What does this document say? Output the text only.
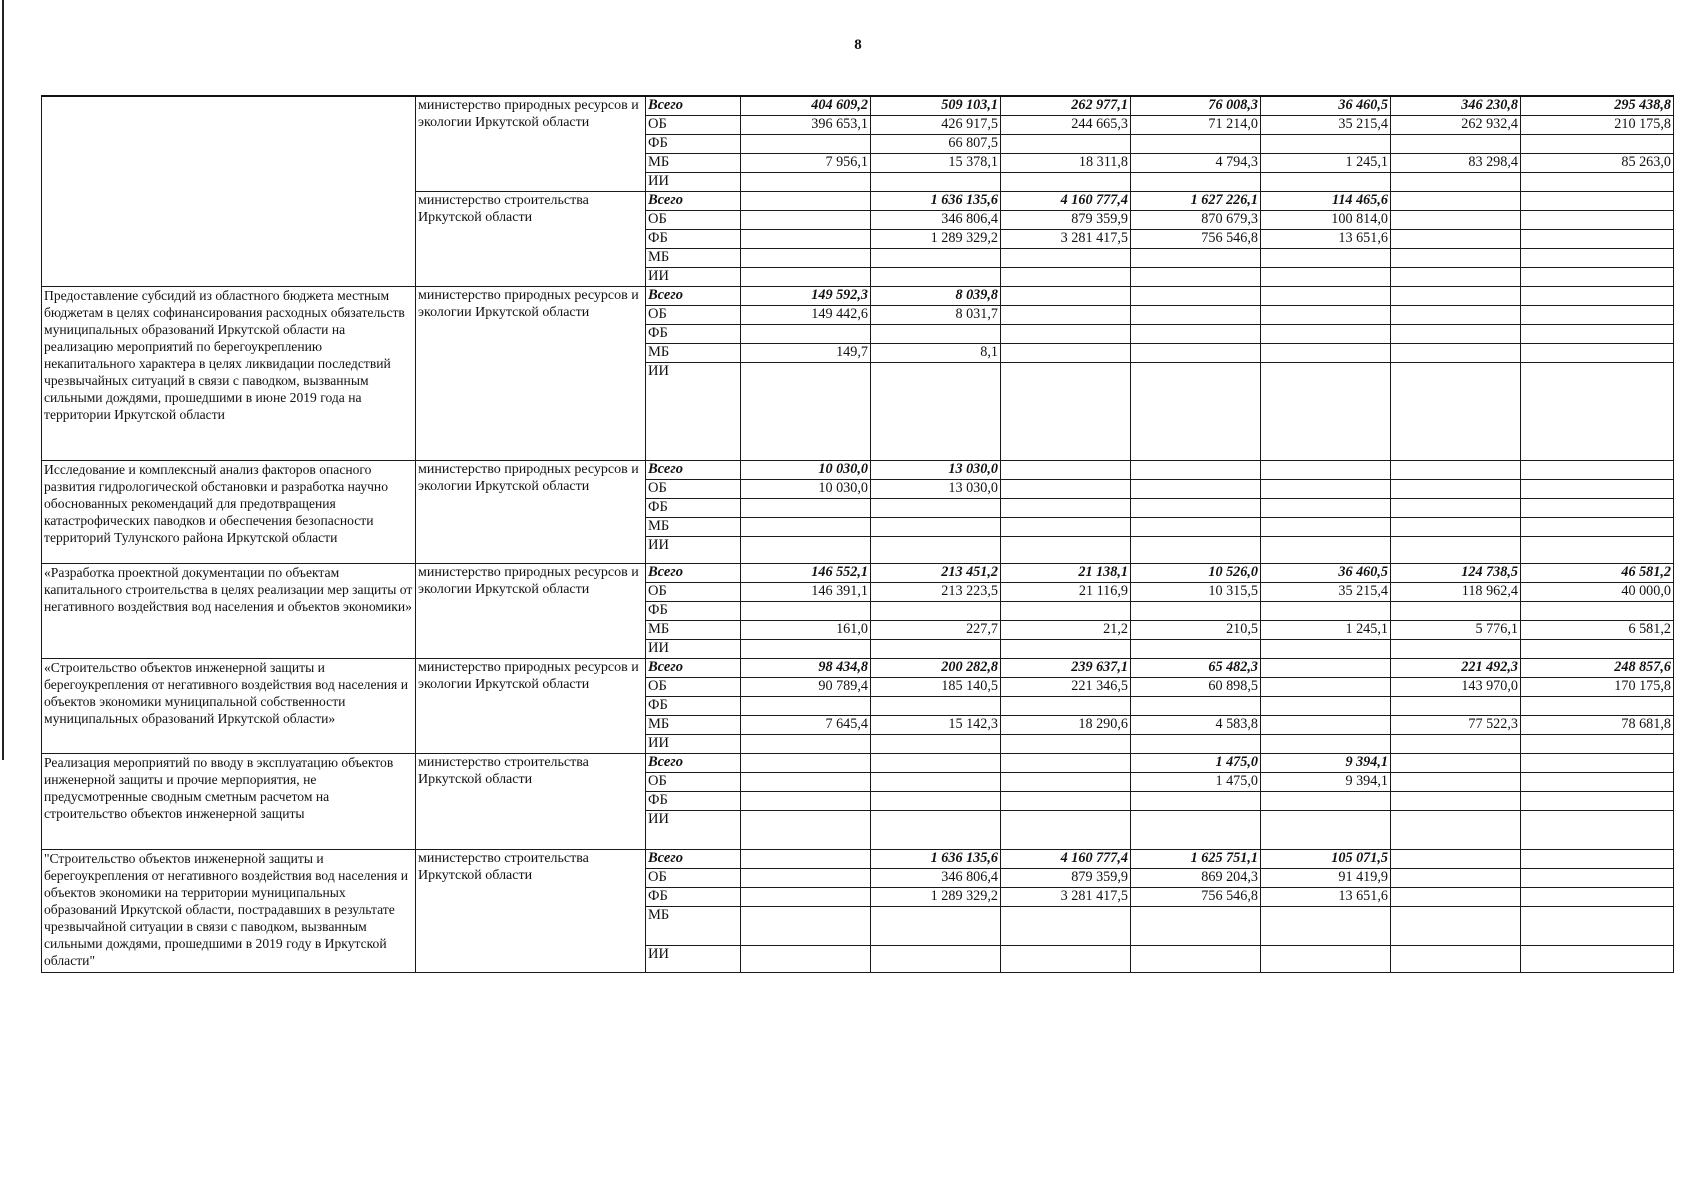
8
	министерство природных ресурсов и экологии Иркутской области	Всего	404 609,2	509 103,1	262 977,1	76 008,3	36 460,5	346 230,8	295 438,8
		ОБ	396 653,1	426 917,5	244 665,3	71 214,0	35 215,4	262 932,4	210 175,8
		ФБ		66 807,5					
		МБ	7 956,1	15 378,1	18 311,8	4 794,3	1 245,1	83 298,4	85 263,0
		ИИ							
	министерство строительства Иркутской области	Всего		1 636 135,6	4 160 777,4	1 627 226,1	114 465,6		
		ОБ		346 806,4	879 359,9	870 679,3	100 814,0		
		ФБ		1 289 329,2	3 281 417,5	756 546,8	13 651,6		
		МБ							
		ИИ							
Предоставление субсидий из областного бюджета местным бюджетам в целях софинансирования расходных обязательств муниципальных образований Иркутской области на реализацию мероприятий по берегоукреплению некапитального характера в целях ликвидации последствий чрезвычайных ситуаций в связи с паводком, вызванным сильными дождями, прошедшими в июне 2019 года на территории Иркутской области	министерство природных ресурсов и экологии Иркутской области	Всего	149 592,3	8 039,8					
		ОБ	149 442,6	8 031,7					
		ФБ							
		МБ	149,7	8,1					
		ИИ							
Исследование и комплексный анализ факторов опасного развития гидрологической обстановки и разработка научно обоснованных рекомендаций для предотвращения катастрофических паводков и обеспечения безопасности территорий Тулунского района Иркутской области	министерство природных ресурсов и экологии Иркутской области	Всего	10 030,0	13 030,0					
		ОБ	10 030,0	13 030,0					
		ФБ							
		МБ							
		ИИ							
«Разработка проектной документации по объектам капитального строительства в целях реализации мер защиты от негативного воздействия вод населения и объектов экономики»	министерство природных ресурсов и экологии Иркутской области	Всего	146 552,1	213 451,2	21 138,1	10 526,0	36 460,5	124 738,5	46 581,2
		ОБ	146 391,1	213 223,5	21 116,9	10 315,5	35 215,4	118 962,4	40 000,0
		ФБ							
		МБ	161,0	227,7	21,2	210,5	1 245,1	5 776,1	6 581,2
		ИИ							
«Строительство объектов инженерной защиты и берегоукрепления от негативного воздействия вод населения и объектов экономики муниципальной собственности муниципальных образований Иркутской области»	министерство природных ресурсов и экологии Иркутской области	Всего	98 434,8	200 282,8	239 637,1	65 482,3		221 492,3	248 857,6
		ОБ	90 789,4	185 140,5	221 346,5	60 898,5		143 970,0	170 175,8
		ФБ							
		МБ	7 645,4	15 142,3	18 290,6	4 583,8		77 522,3	78 681,8
		ИИ							
Реализация мероприятий по вводу в эксплуатацию объектов инженерной защиты и прочие мерпориятия, не предусмотренные сводным сметным расчетом на строительство объектов инженерной защиты	министерство строительства Иркутской области	Всего				1 475,0	9 394,1		
		ОБ				1 475,0	9 394,1		
		ФБ							
		ИИ							
"Строительство объектов инженерной защиты и берегоукрепления от негативного воздействия вод населения и объектов экономики на территории муниципальных образований Иркутской области, пострадавших в результате чрезвычайной ситуации в связи с паводком, вызванным сильными дождями, прошедшими в 2019 году в Иркутской области"	министерство строительства Иркутской области	Всего		1 636 135,6	4 160 777,4	1 625 751,1	105 071,5		
		ОБ		346 806,4	879 359,9	869 204,3	91 419,9		
		ФБ		1 289 329,2	3 281 417,5	756 546,8	13 651,6		
		МБ							
		ИИ							
